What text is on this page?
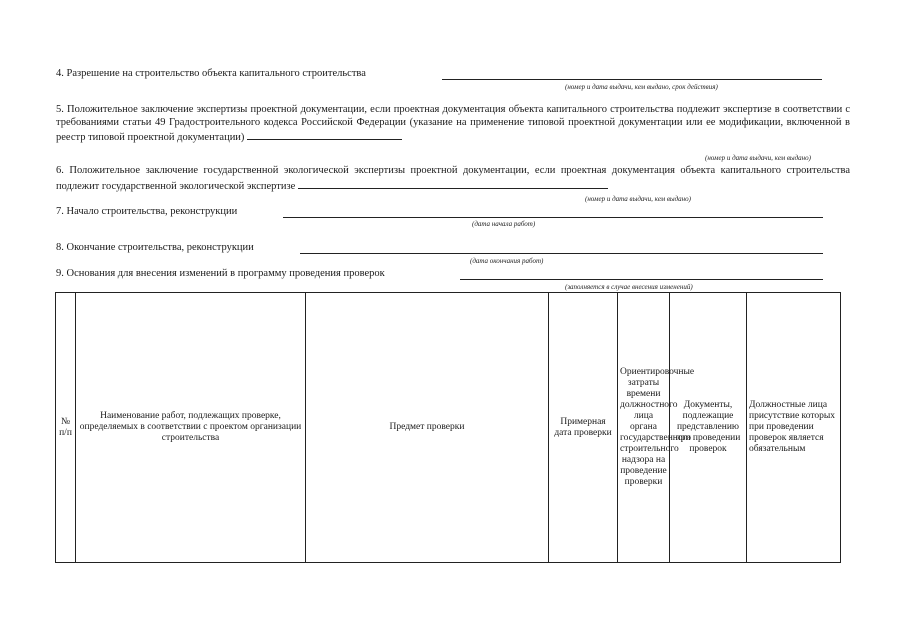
4. Разрешение на строительство объекта капитального строительства
(номер и дата выдачи, кем выдано, срок действия)
5. Положительное заключение экспертизы проектной документации, если проектная документация объекта капитального строительства подлежит экспертизе в соответствии с требованиями статьи 49 Градостроительного кодекса Российской Федерации (указание на применение типовой проектной документации или ее модификации, включенной в реестр типовой проектной документации)
(номер и дата выдачи, кем выдано)
6. Положительное заключение государственной экологической экспертизы проектной документации, если проектная документация объекта капитального строительства подлежит государственной экологической экспертизе
(номер и дата выдачи, кем выдано)
7. Начало строительства, реконструкции
(дата начала работ)
8. Окончание строительства, реконструкции
(дата окончания работ)
9. Основания для внесения изменений в программу проведения проверок
(заполняется в случае внесения изменений)
№ п/п	Наименование работ, подлежащих проверке, определяемых в соответствии с проектом организации строительства	Предмет проверки	Примерная дата проверки	Ориентировочные затраты времени должностного лица органа государственного строительного надзора на проведение проверки	Документы, подлежащие представлению при проведении проверок	Должностные лица присутствие которых при проведении проверок является обязательным
